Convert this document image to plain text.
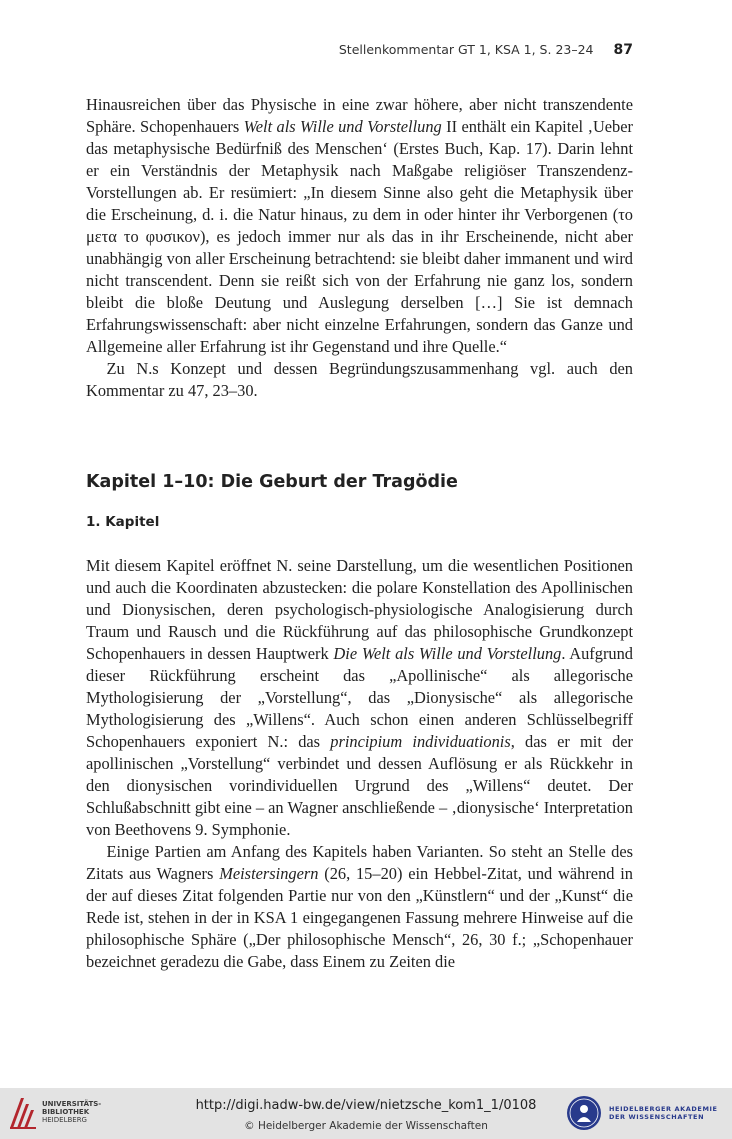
Stellenkommentar GT 1, KSA 1, S. 23–24 87

Hinausreichen über das Physische in eine zwar höhere, aber nicht transzendente Sphäre. Schopenhauers Welt als Wille und Vorstellung II enthält ein Kapitel ‚Ueber das metaphysische Bedürfniß des Menschen‘ (Erstes Buch, Kap. 17). Darin lehnt er ein Verständnis der Metaphysik nach Maßgabe religiöser Transzendenz-Vorstellungen ab. Er resümiert: „In diesem Sinne also geht die Metaphysik über die Erscheinung, d. i. die Natur hinaus, zu dem in oder hinter ihr Verborgenen (το μετα το φυσικον), es jedoch immer nur als das in ihr Erscheinende, nicht aber unabhängig von aller Erscheinung betrachtend: sie bleibt daher immanent und wird nicht transcendent. Denn sie reißt sich von der Erfahrung nie ganz los, sondern bleibt die bloße Deutung und Auslegung derselben […] Sie ist demnach Erfahrungswissenschaft: aber nicht einzelne Erfahrungen, sondern das Ganze und Allgemeine aller Erfahrung ist ihr Gegenstand und ihre Quelle.“

Zu N.s Konzept und dessen Begründungszusammenhang vgl. auch den Kommentar zu 47, 23–30.

Kapitel 1–10: Die Geburt der Tragödie
1. Kapitel

Mit diesem Kapitel eröffnet N. seine Darstellung, um die wesentlichen Positionen und auch die Koordinaten abzustecken: die polare Konstellation des Apollinischen und Dionysischen, deren psychologisch-physiologische Analogisierung durch Traum und Rausch und die Rückführung auf das philosophische Grundkonzept Schopenhauers in dessen Hauptwerk Die Welt als Wille und Vorstellung. Aufgrund dieser Rückführung erscheint das „Apollinische“ als allegorische Mythologisierung der „Vorstellung“, das „Dionysische“ als allegorische Mythologisierung des „Willens“. Auch schon einen anderen Schlüsselbegriff Schopenhauers exponiert N.: das principium individuationis, das er mit der apollinischen „Vorstellung“ verbindet und dessen Auflösung er als Rückkehr in den dionysischen vorindividuellen Urgrund des „Willens“ deutet. Der Schlußabschnitt gibt eine – an Wagner anschließende – ‚dionysische‘ Interpretation von Beethovens 9. Symphonie.

Einige Partien am Anfang des Kapitels haben Varianten. So steht an Stelle des Zitats aus Wagners Meistersingern (26, 15–20) ein Hebbel-Zitat, und während in der auf dieses Zitat folgenden Partie nur von den „Künstlern“ und der „Kunst“ die Rede ist, stehen in der in KSA 1 eingegangenen Fassung mehrere Hinweise auf die philosophische Sphäre („Der philosophische Mensch“, 26, 30 f.; „Schopenhauer bezeichnet geradezu die Gabe, dass Einem zu Zeiten die

UNIVERSITÄTS-
BIBLIOTHEK
HEIDELBERG
http://digi.hadw-bw.de/view/nietzsche_kom1_1/0108
© Heidelberger Akademie der Wissenschaften
HEIDELBERGER AKADEMIE
DER WISSENSCHAFTEN
